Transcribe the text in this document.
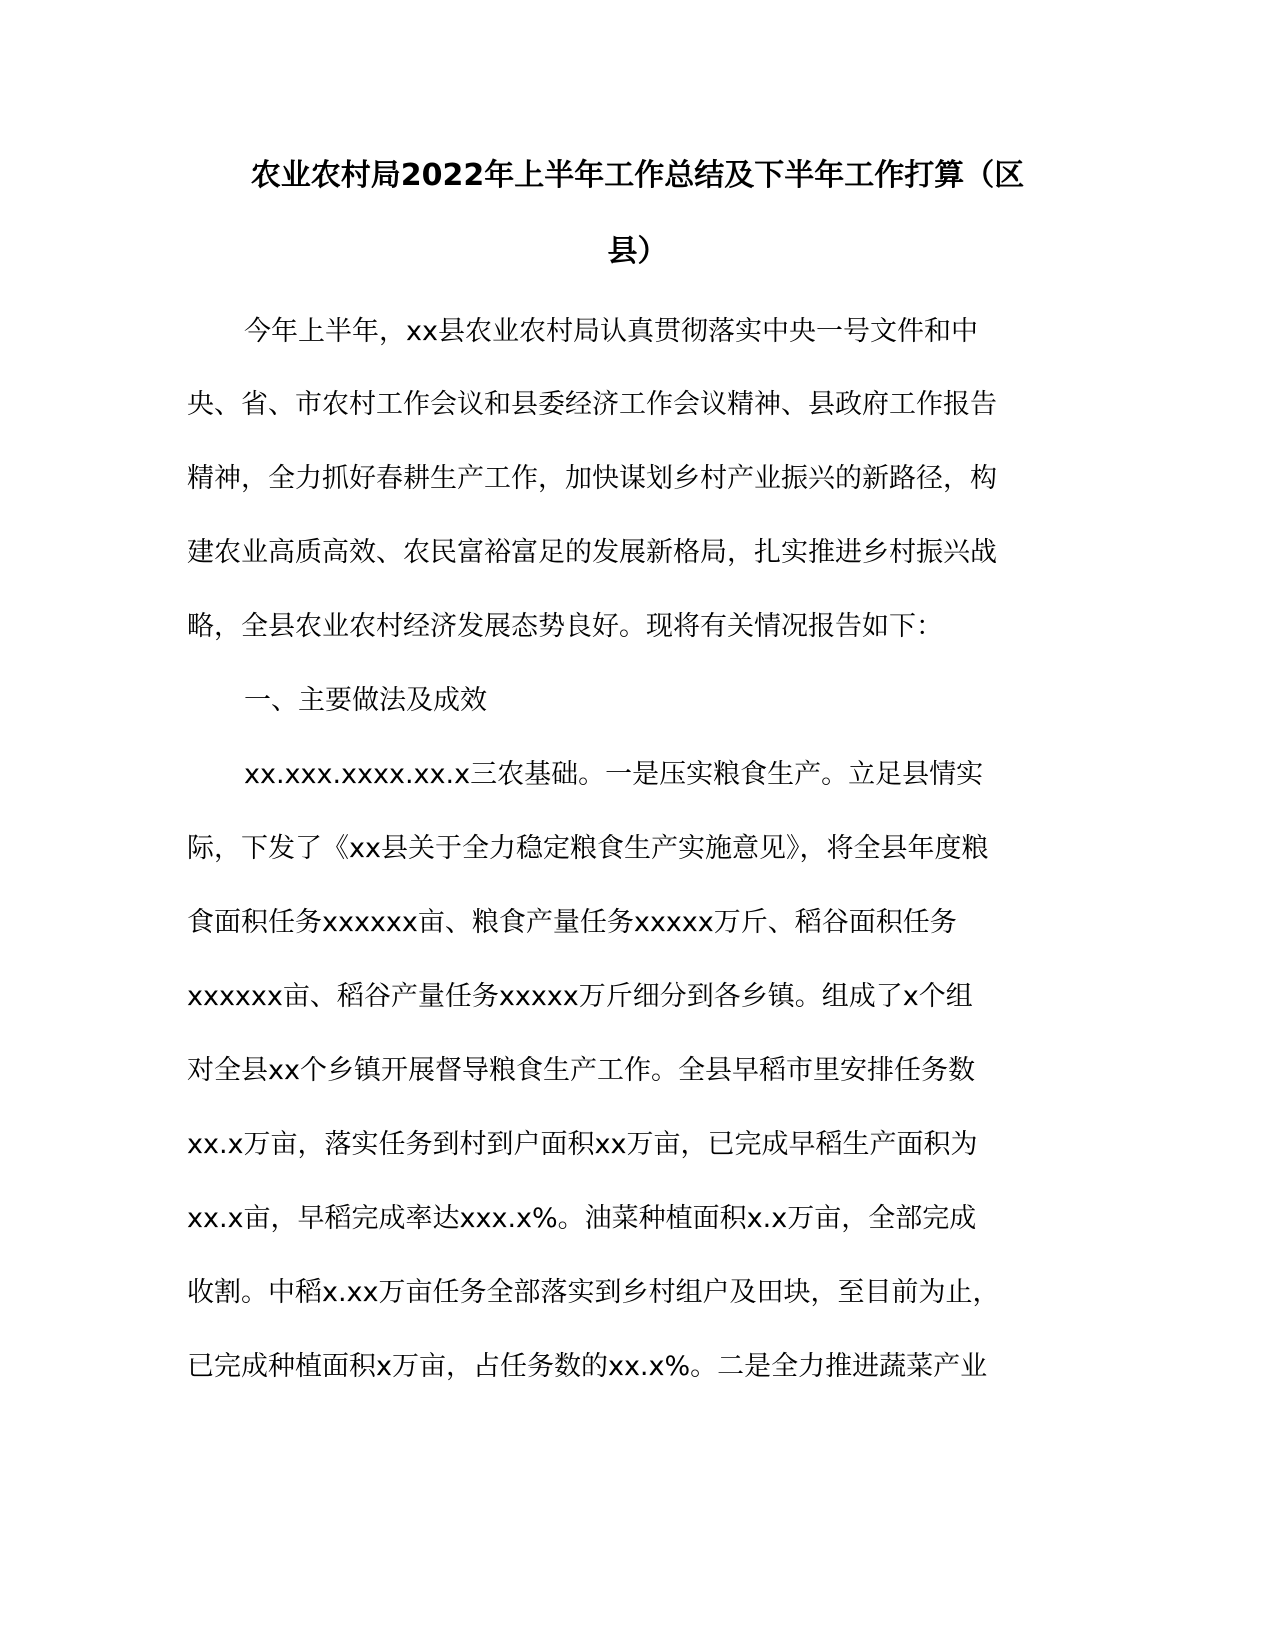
农业农村局2022年上半年工作总结及下半年工作打算（区
县）
今年上半年，xx县农业农村局认真贯彻落实中央一号文件和中
央、省、市农村工作会议和县委经济工作会议精神、县政府工作报告
精神，全力抓好春耕生产工作，加快谋划乡村产业振兴的新路径，构
建农业高质高效、农民富裕富足的发展新格局，扎实推进乡村振兴战
略，全县农业农村经济发展态势良好。现将有关情况报告如下：
一、主要做法及成效
xx.xxx.xxxx.xx.x三农基础。一是压实粮食生产。立足县情实
际，下发了《xx县关于全力稳定粮食生产实施意见》，将全县年度粮
食面积任务xxxxxx亩、粮食产量任务xxxxx万斤、稻谷面积任务
xxxxxx亩、稻谷产量任务xxxxx万斤细分到各乡镇。组成了x个组
对全县xx个乡镇开展督导粮食生产工作。全县早稻市里安排任务数
xx.x万亩，落实任务到村到户面积xx万亩，已完成早稻生产面积为
xx.x亩，早稻完成率达xxx.x%。油菜种植面积x.x万亩，全部完成
收割。中稻x.xx万亩任务全部落实到乡村组户及田块，至目前为止，
已完成种植面积x万亩，占任务数的xx.x%。二是全力推进蔬菜产业
